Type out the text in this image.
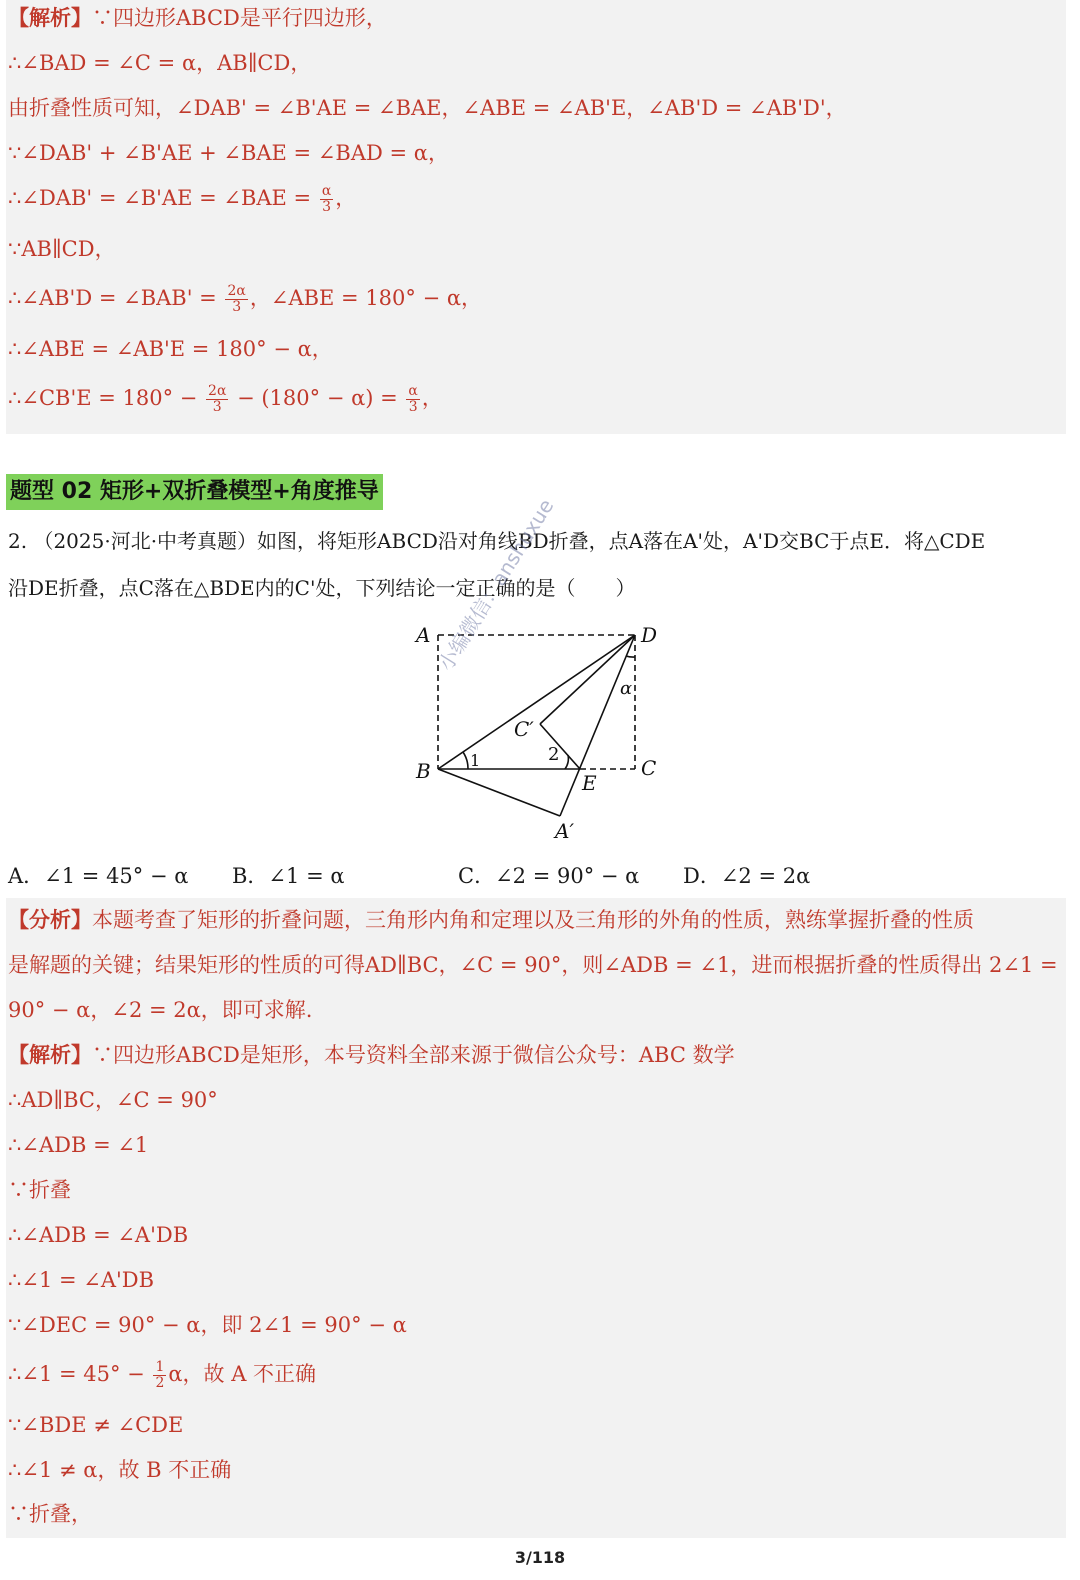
【解析】∵四边形ABCD是平行四边形，
∴∠BAD = ∠C = α，AB∥CD，
由折叠性质可知，∠DAB' = ∠B'AE = ∠BAE，∠ABE = ∠AB'E，∠AB'D = ∠AB'D'，
∵∠DAB' + ∠B'AE + ∠BAE = ∠BAD = α，
∴∠DAB' = ∠B'AE = ∠BAE = $\frac{\alpha}{3}$ ，
∵AB∥CD，
∴∠AB'D = ∠BAB' = $\frac{2\alpha}{3}$ ，∠ABE = 180° − α，
∴∠ABE = ∠AB'E = 180° − α，
∴∠CB'E = $180^\circ - \frac{2\alpha}{3} - (180^\circ - \alpha) = \frac{\alpha}{3}$ ，
题型 02 矩形+双折叠模型+角度推导
2. （2025·河北·中考真题）如图，将矩形ABCD沿对角线BD折叠，点A落在A'处，A'D交BC于点E．将△CDE
沿DE折叠，点C落在△BDE内的C'处，下列结论一定正确的是（　　）
A	D
B	C
E
A′
C′
2
1
α
小编微信：anshuxue
A．∠1 = 45° − α B．∠1 = α	C．∠2 = 90° − α D．∠2 = 2α
【分析】本题考查了矩形的折叠问题，三角形内角和定理以及三角形的外角的性质，熟练掌握折叠的性质
是解题的关键；结果矩形的性质的可得AD∥BC，∠C = 90°，则∠ADB = ∠1，进而根据折叠的性质得出 2∠1 =
90° − α，∠2 = 2α，即可求解.
【解析】∵四边形ABCD是矩形，本号资料全部来源于微信公众号：ABC 数学
∴AD∥BC，∠C = 90°
∴∠ADB = ∠1
∵折叠
∴∠ADB = ∠A'DB
∴∠1 = ∠A'DB
∵∠DEC = 90° − α，即 2∠1 = 90° − α
∴∠1 = $45^\circ - \frac{1}{2}$ α，故 A 不正确
∵∠BDE ≠ ∠CDE
∴∠1 ≠ α，故 B 不正确
∵折叠，
3/118
